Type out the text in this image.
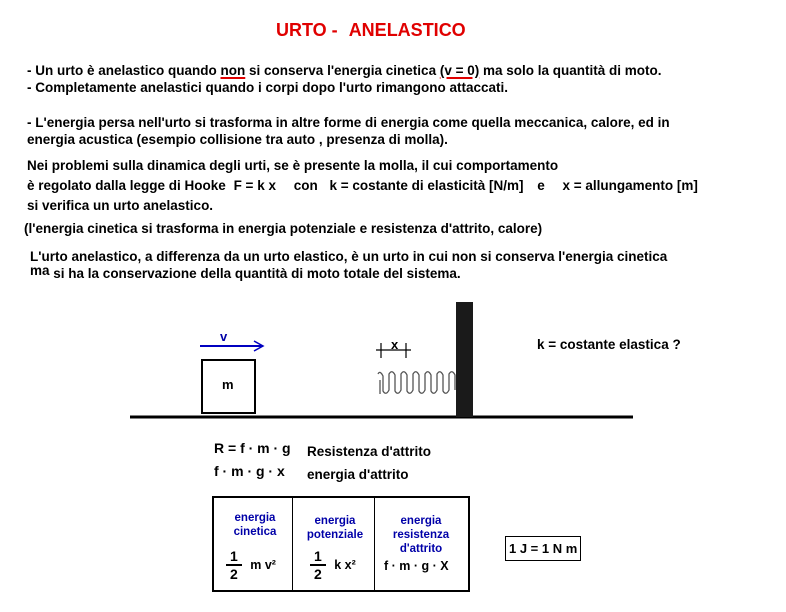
URTO - ANELASTICO
- Un urto è anelastico quando non si conserva l'energia cinetica (v = 0) ma solo la quantità di moto.
- Completamente anelastici quando i corpi dopo l'urto rimangono attaccati.
- L'energia persa nell'urto si trasforma in altre forme di energia come quella meccanica, calore, ed in
energia acustica (esempio collisione tra auto , presenza di molla).
Nei problemi sulla dinamica degli urti, se è presente la molla, il cui comportamento
è regolato dalla legge di Hooke F = k x con k = costante di elasticità [N/m] e x = allungamento [m]
si verifica un urto anelastico.
(l'energia cinetica si trasforma in energia potenziale e resistenza d'attrito, calore)
L'urto anelastico, a differenza da un urto elastico, è un urto in cui non si conserva l'energia cinetica
ma si ha la conservazione della quantità di moto totale del sistema.
v
m
x	k = costante elastica ?
R = f · m · g Resistenza d'attrito
f · m · g · x energia d'attrito
energia cinetica
$\frac{1}{2}$ m v²
energia potenziale
$\frac{1}{2}$ k x²
energia resistenza d'attrito
f · m · g · X
1 J = 1 N m
